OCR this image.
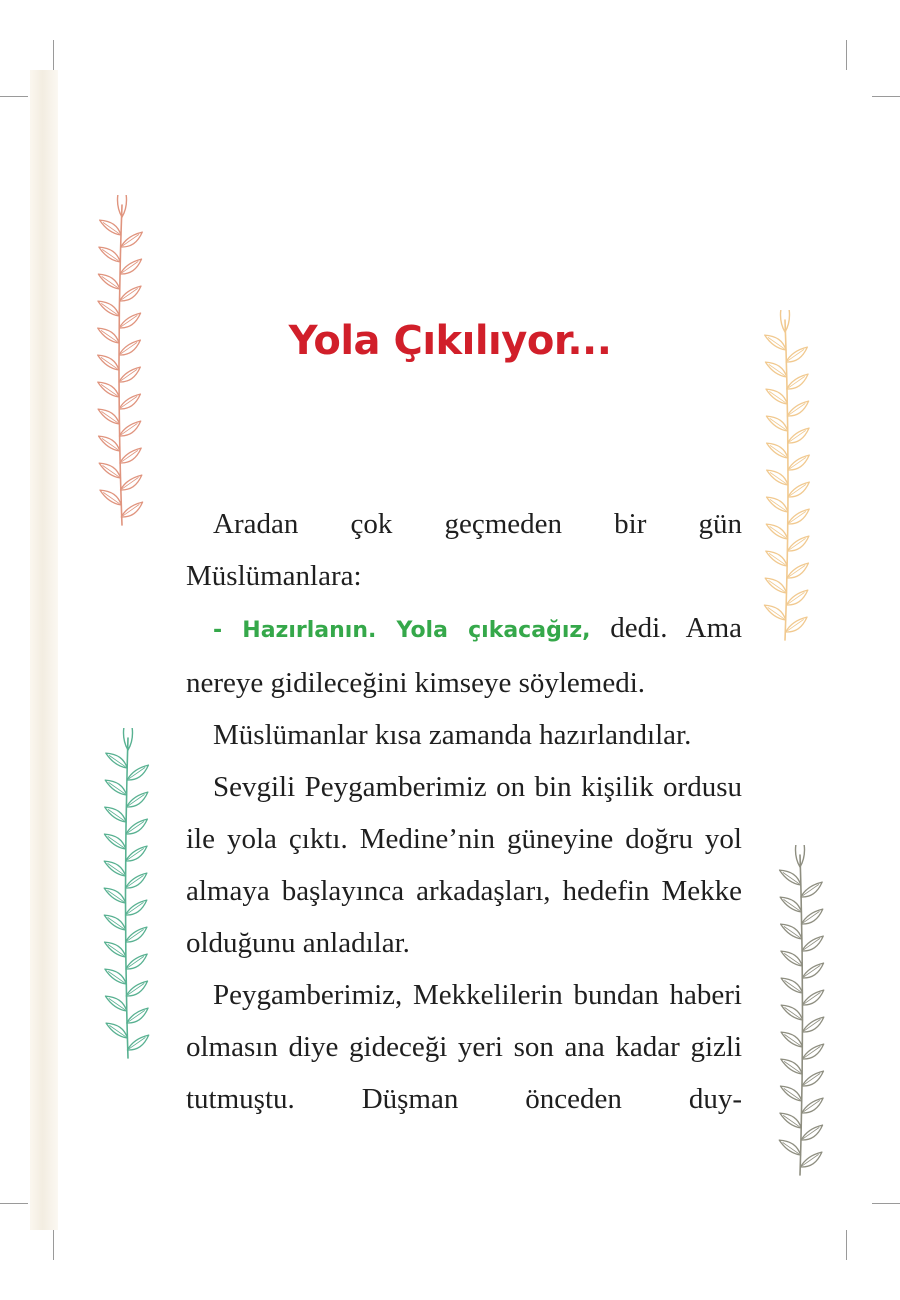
Yola Çıkılıyor...

Aradan çok geçmeden bir gün Müslümanlara:

- Hazırlanın. Yola çıkacağız, dedi. Ama nereye gidileceğini kimseye söylemedi.

Müslümanlar kısa zamanda hazırlandılar.

Sevgili Peygamberimiz on bin kişilik ordusu ile yola çıktı. Medine’nin güneyine doğru yol almaya başlayınca arkadaşları, hedefin Mekke olduğunu anladılar.

Peygamberimiz, Mekkelilerin bundan haberi olmasın diye gideceği yeri son ana kadar gizli tutmuştu. Düşman önceden duy-
